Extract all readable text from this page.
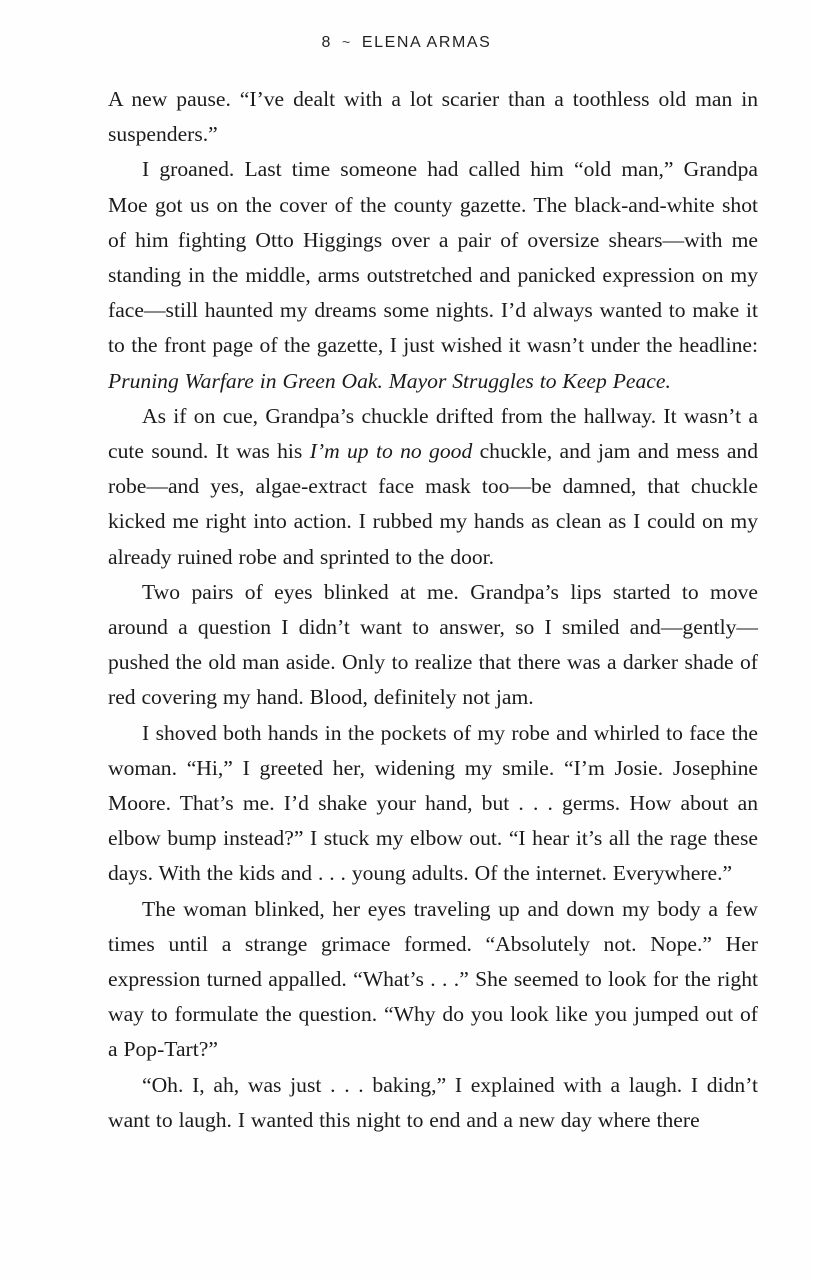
8 ~ ELENA ARMAS

A new pause. “I’ve dealt with a lot scarier than a toothless old man in suspenders.”

I groaned. Last time someone had called him “old man,” Grandpa Moe got us on the cover of the county gazette. The black-and-white shot of him fighting Otto Higgings over a pair of oversize shears—with me standing in the middle, arms outstretched and panicked expression on my face—still haunted my dreams some nights. I’d always wanted to make it to the front page of the gazette, I just wished it wasn’t under the headline: Pruning Warfare in Green Oak. Mayor Struggles to Keep Peace.

As if on cue, Grandpa’s chuckle drifted from the hallway. It wasn’t a cute sound. It was his I’m up to no good chuckle, and jam and mess and robe—and yes, algae-extract face mask too—be damned, that chuckle kicked me right into action. I rubbed my hands as clean as I could on my already ruined robe and sprinted to the door.

Two pairs of eyes blinked at me. Grandpa’s lips started to move around a question I didn’t want to answer, so I smiled and—gently—pushed the old man aside. Only to realize that there was a darker shade of red covering my hand. Blood, definitely not jam.

I shoved both hands in the pockets of my robe and whirled to face the woman. “Hi,” I greeted her, widening my smile. “I’m Josie. Josephine Moore. That’s me. I’d shake your hand, but . . . germs. How about an elbow bump instead?” I stuck my elbow out. “I hear it’s all the rage these days. With the kids and . . . young adults. Of the internet. Everywhere.”

The woman blinked, her eyes traveling up and down my body a few times until a strange grimace formed. “Absolutely not. Nope.” Her expression turned appalled. “What’s . . .” She seemed to look for the right way to formulate the question. “Why do you look like you jumped out of a Pop-Tart?”

“Oh. I, ah, was just . . . baking,” I explained with a laugh. I didn’t want to laugh. I wanted this night to end and a new day where there
